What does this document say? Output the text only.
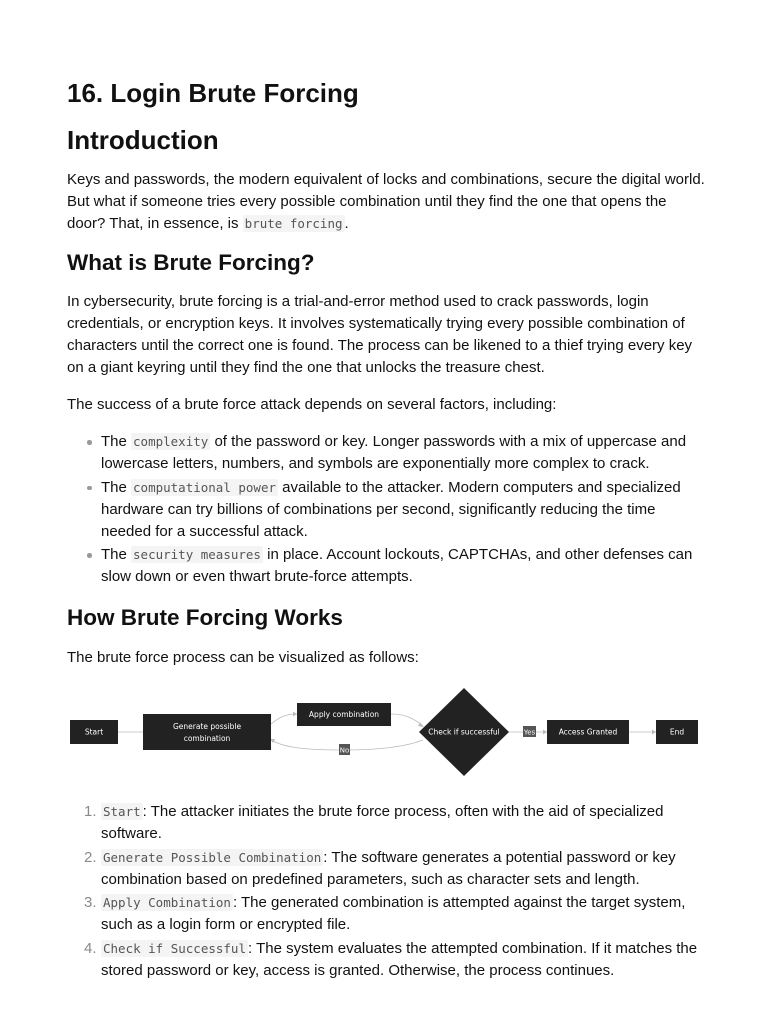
16. Login Brute Forcing
Introduction

Keys and passwords, the modern equivalent of locks and combinations, secure the digital world. But what if someone tries every possible combination until they find the one that opens the door? That, in essence, is brute forcing .

What is Brute Forcing?

In cybersecurity, brute forcing is a trial-and-error method used to crack passwords, login credentials, or encryption keys. It involves systematically trying every possible combination of characters until the correct one is found. The process can be likened to a thief trying every key on a giant keyring until they find the one that unlocks the treasure chest.

The success of a brute force attack depends on several factors, including:

The complexity of the password or key. Longer passwords with a mix of uppercase and lowercase letters, numbers, and symbols are exponentially more complex to crack.
The computational power available to the attacker. Modern computers and specialized hardware can try billions of combinations per second, significantly reducing the time needed for a successful attack.
The security measures in place. Account lockouts, CAPTCHAs, and other defenses can slow down or even thwart brute-force attempts.
How Brute Forcing Works

The brute force process can be visualized as follows:

Start
Generate possible
combination
Apply combination
Check if successful	Access Granted	End
Yes
No
1. Start : The attacker initiates the brute force process, often with the aid of specialized software.
2. Generate Possible Combination : The software generates a potential password or key combination based on predefined parameters, such as character sets and length.
3. Apply Combination : The generated combination is attempted against the target system, such as a login form or encrypted file.
4. Check if Successful : The system evaluates the attempted combination. If it matches the stored password or key, access is granted. Otherwise, the process continues.
